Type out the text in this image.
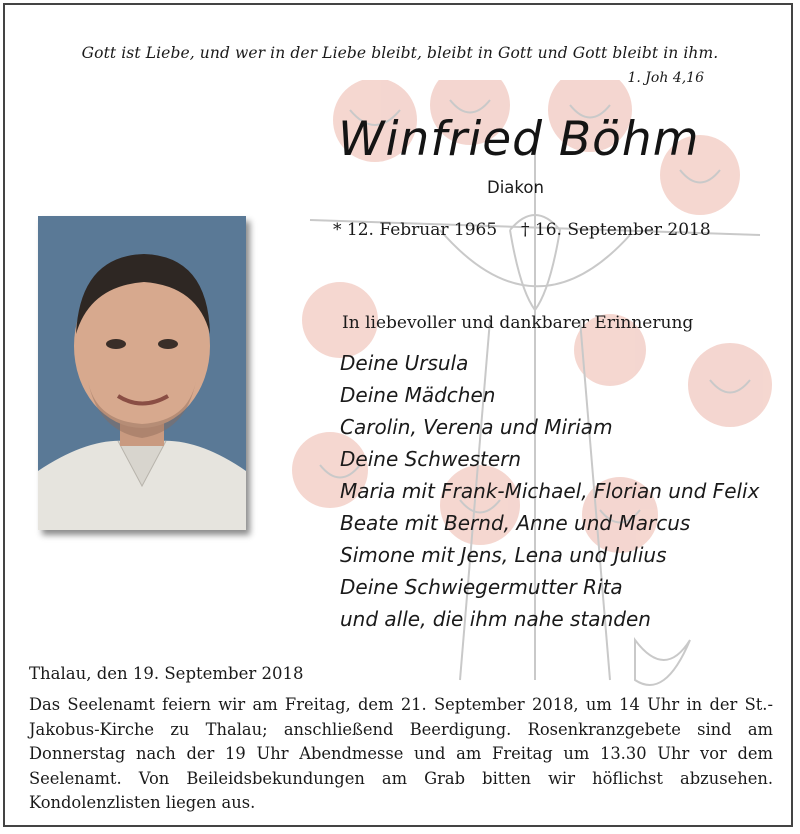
Gott ist Liebe, und wer in der Liebe bleibt, bleibt in Gott und Gott bleibt in ihm.
1. Joh 4,16
Winfried Böhm
Diakon
* 12. Februar 1965 † 16. September 2018
In liebevoller und dankbarer Erinnerung
Deine Ursula
Deine Mädchen
Carolin, Verena und Miriam
Deine Schwestern
Maria mit Frank-Michael, Florian und Felix
Beate mit Bernd, Anne und Marcus
Simone mit Jens, Lena und Julius
Deine Schwiegermutter Rita
und alle, die ihm nahe standen
Thalau, den 19. September 2018
Das Seelenamt feiern wir am Freitag, dem 21. September 2018, um 14 Uhr in der St.-Jakobus-Kirche zu Thalau; anschließend Beerdigung. Rosenkranzgebete sind am Donnerstag nach der 19 Uhr Abendmesse und am Freitag um 13.30 Uhr vor dem Seelenamt. Von Beileidsbekundungen am Grab bitten wir höflichst abzusehen. Kondolenzlisten liegen aus.
